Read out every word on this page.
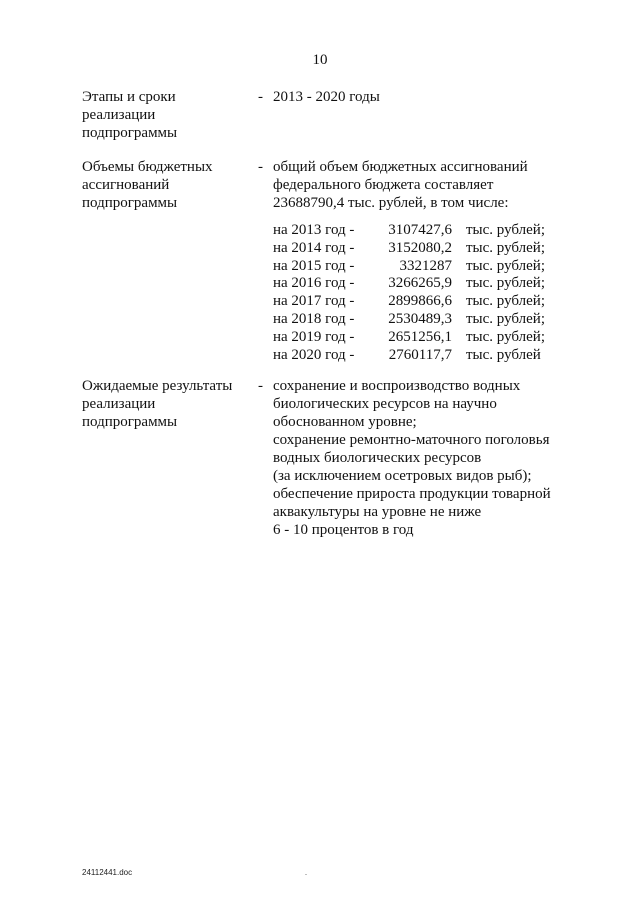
10
Этапы и сроки
реализации
подпрограммы
- 2013 - 2020 годы
Объемы бюджетных
ассигнований
подпрограммы
- общий объем бюджетных ассигнований
федерального бюджета составляет
23688790,4 тыс. рублей, в том числе:
на 2013 год -	3107427,6	тыс. рублей;
на 2014 год -	3152080,2	тыс. рублей;
на 2015 год -	3321287	тыс. рублей;
на 2016 год -	3266265,9	тыс. рублей;
на 2017 год -	2899866,6	тыс. рублей;
на 2018 год -	2530489,3	тыс. рублей;
на 2019 год -	2651256,1	тыс. рублей;
на 2020 год -	2760117,7	тыс. рублей
Ожидаемые результаты
реализации
подпрограммы
- сохранение и воспроизводство водных
биологических ресурсов на научно
обоснованном уровне;
сохранение ремонтно-маточного поголовья
водных биологических ресурсов
(за исключением осетровых видов рыб);
обеспечение прироста продукции товарной
аквакультуры на уровне не ниже
6 - 10 процентов в год
24112441.doc	.
